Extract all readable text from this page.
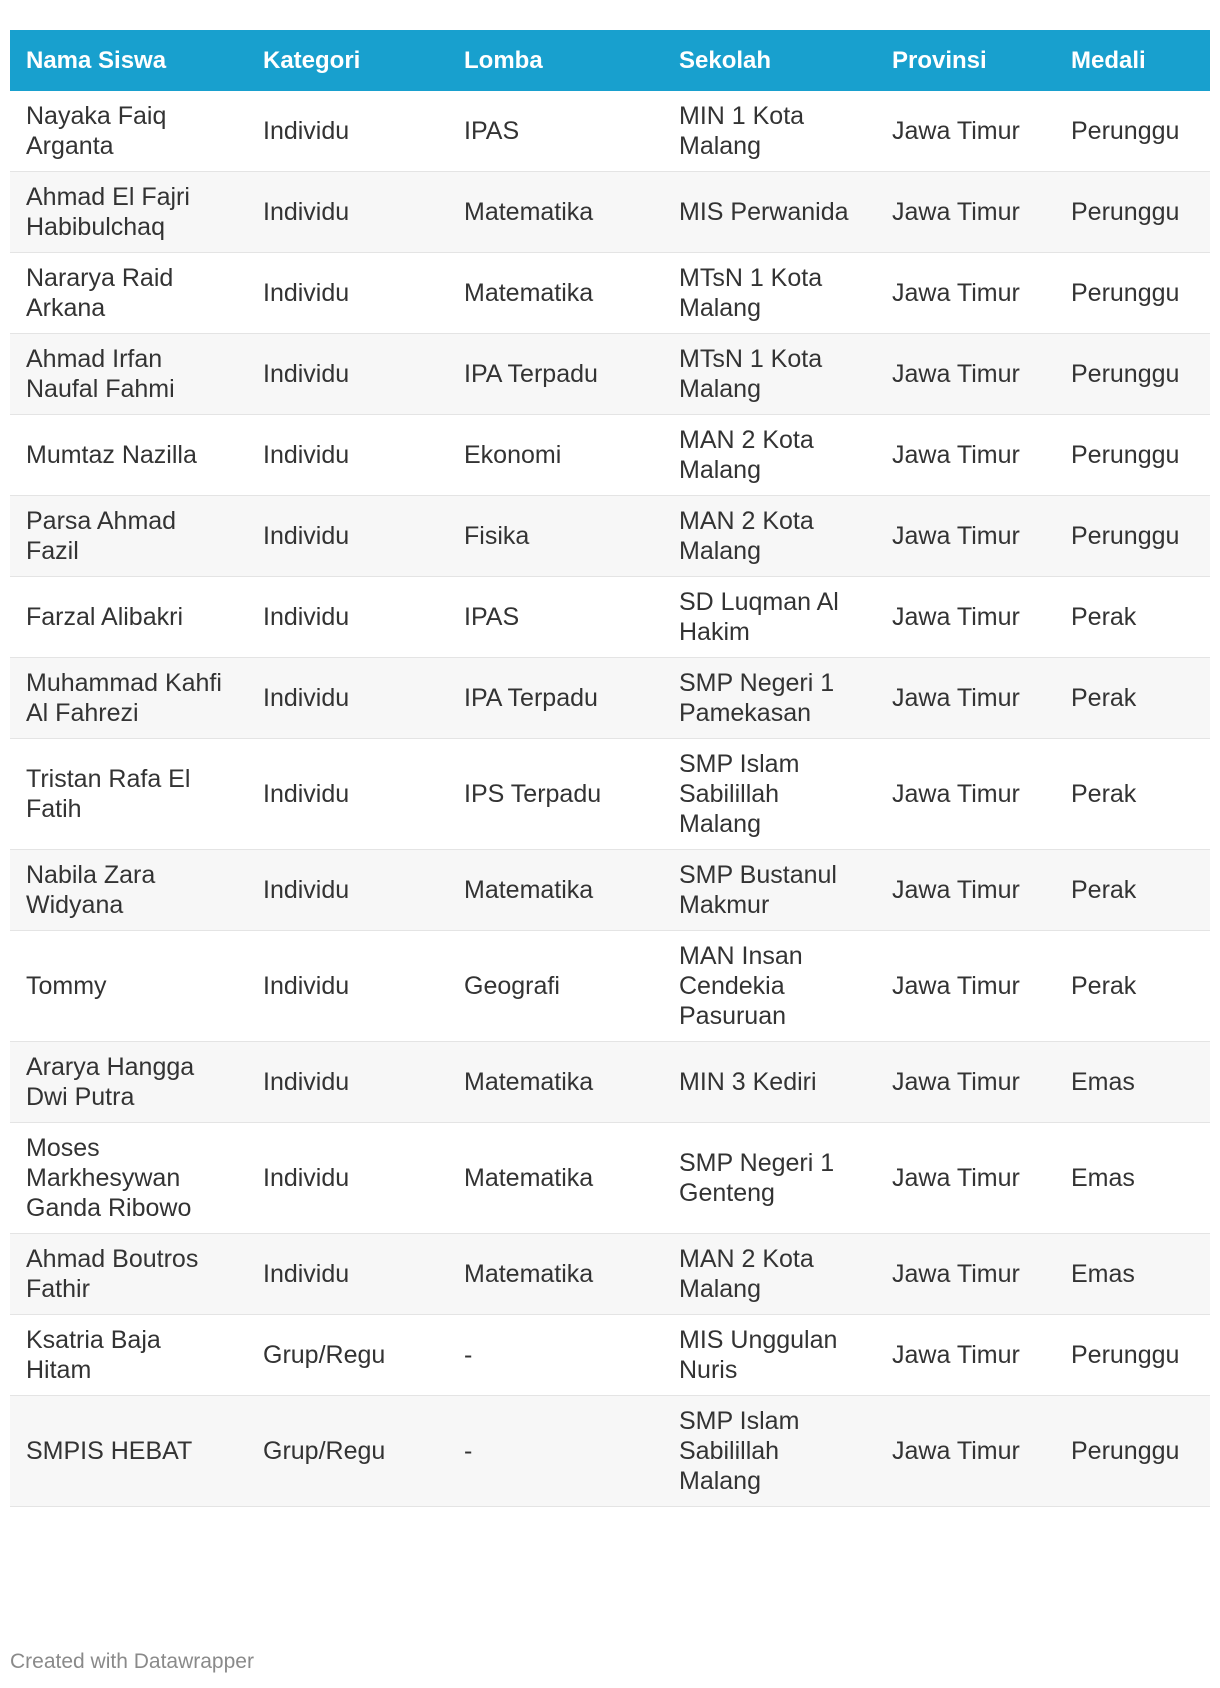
Nama Siswa	Kategori	Lomba	Sekolah	Provinsi	Medali
Nayaka Faiq Arganta	Individu	IPAS	MIN 1 Kota Malang	Jawa Timur	Perunggu
Ahmad El Fajri Habibulchaq	Individu	Matematika	MIS Perwanida	Jawa Timur	Perunggu
Nararya Raid Arkana	Individu	Matematika	MTsN 1 Kota Malang	Jawa Timur	Perunggu
Ahmad Irfan Naufal Fahmi	Individu	IPA Terpadu	MTsN 1 Kota Malang	Jawa Timur	Perunggu
Mumtaz Nazilla	Individu	Ekonomi	MAN 2 Kota Malang	Jawa Timur	Perunggu
Parsa Ahmad Fazil	Individu	Fisika	MAN 2 Kota Malang	Jawa Timur	Perunggu
Farzal Alibakri	Individu	IPAS	SD Luqman Al Hakim	Jawa Timur	Perak
Muhammad Kahfi Al Fahrezi	Individu	IPA Terpadu	SMP Negeri 1 Pamekasan	Jawa Timur	Perak
Tristan Rafa El Fatih	Individu	IPS Terpadu	SMP Islam Sabilillah Malang	Jawa Timur	Perak
Nabila Zara Widyana	Individu	Matematika	SMP Bustanul Makmur	Jawa Timur	Perak
Tommy	Individu	Geografi	MAN Insan Cendekia Pasuruan	Jawa Timur	Perak
Ararya Hangga Dwi Putra	Individu	Matematika	MIN 3 Kediri	Jawa Timur	Emas
Moses Markhesywan Ganda Ribowo	Individu	Matematika	SMP Negeri 1 Genteng	Jawa Timur	Emas
Ahmad Boutros Fathir	Individu	Matematika	MAN 2 Kota Malang	Jawa Timur	Emas
Ksatria Baja Hitam	Grup/Regu	-	MIS Unggulan Nuris	Jawa Timur	Perunggu
SMPIS HEBAT	Grup/Regu	-	SMP Islam Sabilillah Malang	Jawa Timur	Perunggu
Created with Datawrapper
